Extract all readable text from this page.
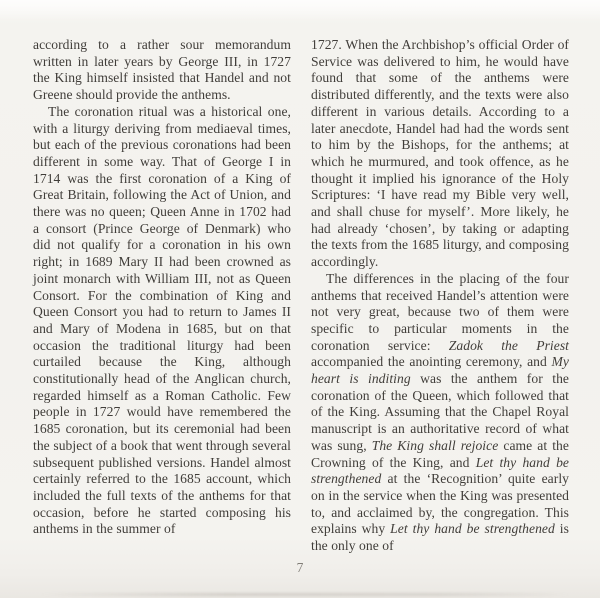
according to a rather sour memorandum written in later years by George III, in 1727 the King himself insisted that Handel and not Greene should provide the anthems.

The coronation ritual was a historical one, with a liturgy deriving from mediaeval times, but each of the previous coronations had been different in some way. That of George I in 1714 was the first coronation of a King of Great Britain, following the Act of Union, and there was no queen; Queen Anne in 1702 had a consort (Prince George of Denmark) who did not qualify for a coronation in his own right; in 1689 Mary II had been crowned as joint monarch with William III, not as Queen Consort. For the combination of King and Queen Consort you had to return to James II and Mary of Modena in 1685, but on that occasion the traditional liturgy had been curtailed because the King, although constitutionally head of the Anglican church, regarded himself as a Roman Catholic. Few people in 1727 would have remembered the 1685 coronation, but its ceremonial had been the subject of a book that went through several subsequent published versions. Handel almost certainly referred to the 1685 account, which included the full texts of the anthems for that occasion, before he started composing his anthems in the summer of

1727. When the Archbishop’s official Order of Service was delivered to him, he would have found that some of the anthems were distributed differently, and the texts were also different in various details. According to a later anecdote, Handel had had the words sent to him by the Bishops, for the anthems; at which he murmured, and took offence, as he thought it implied his ignorance of the Holy Scriptures: ‘I have read my Bible very well, and shall chuse for myself’. More likely, he had already ‘chosen’, by taking or adapting the texts from the 1685 liturgy, and composing accordingly.

The differences in the placing of the four anthems that received Handel’s attention were not very great, because two of them were specific to particular moments in the coronation service: Zadok the Priest accompanied the anointing ceremony, and My heart is inditing was the anthem for the coronation of the Queen, which followed that of the King. Assuming that the Chapel Royal manuscript is an authoritative record of what was sung, The King shall rejoice came at the Crowning of the King, and Let thy hand be strengthened at the ‘Recognition’ quite early on in the service when the King was presented to, and acclaimed by, the congregation. This explains why Let thy hand be strengthened is the only one of

7
